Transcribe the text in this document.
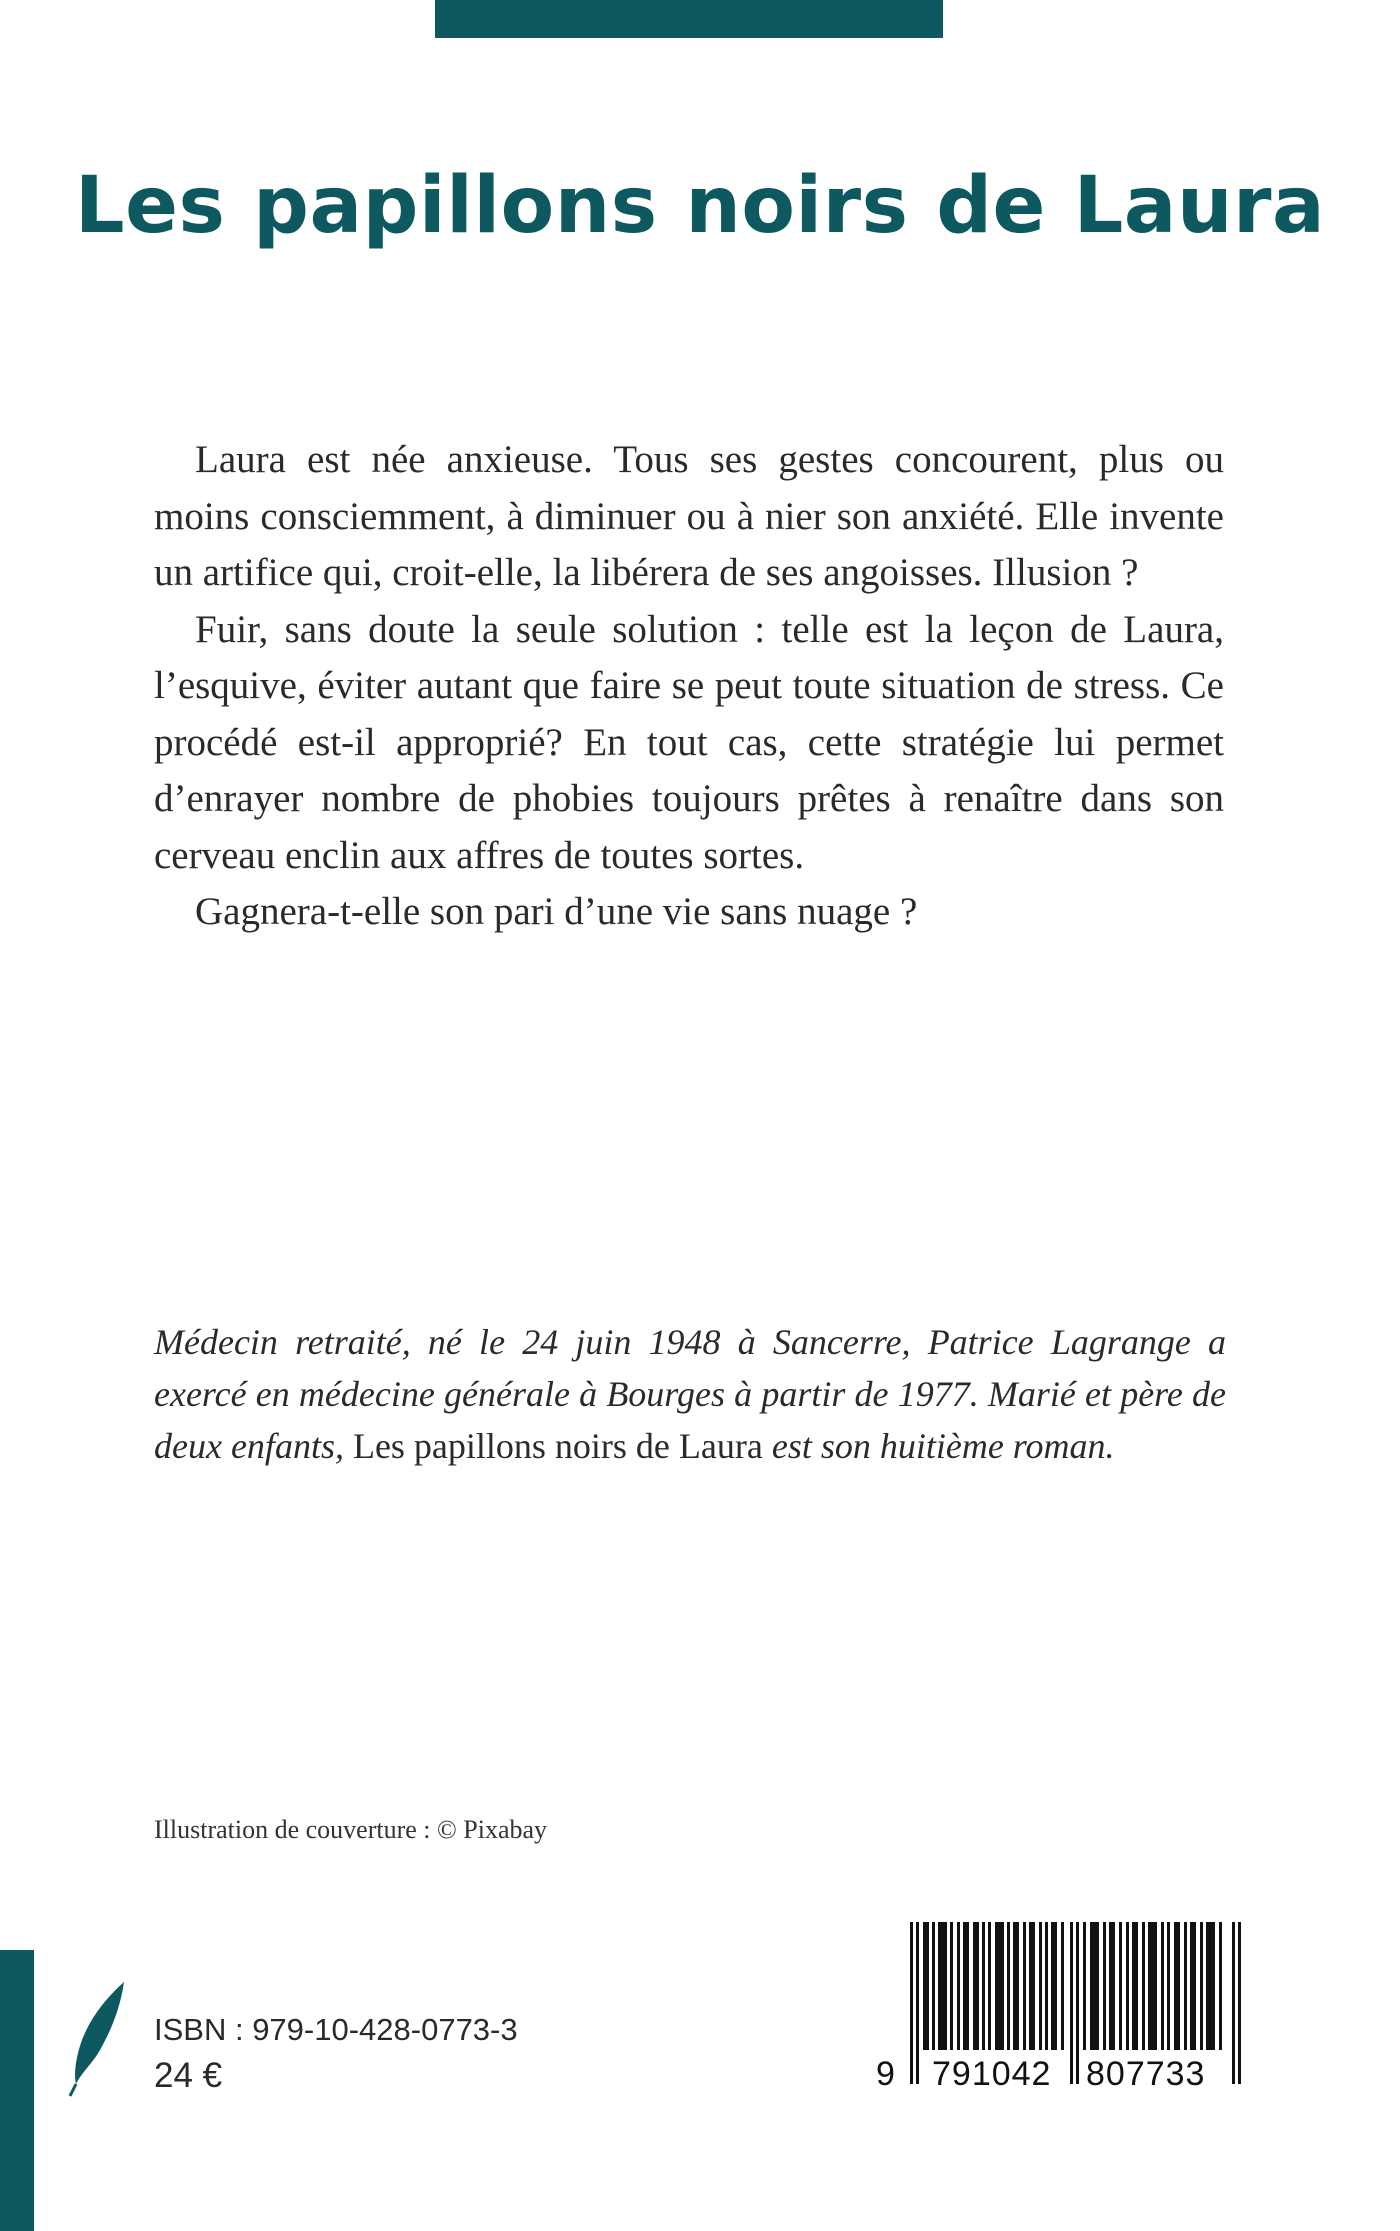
Les papillons noirs de Laura

Laura est née anxieuse. Tous ses gestes concourent, plus ou moins consciemment, à diminuer ou à nier son anxiété. Elle invente un artifice qui, croit-elle, la libérera de ses angoisses. Illusion ?

Fuir, sans doute la seule solution : telle est la leçon de Laura, l’esquive, éviter autant que faire se peut toute situation de stress. Ce procédé est-il approprié? En tout cas, cette stratégie lui permet d’enrayer nombre de phobies toujours prêtes à renaître dans son cerveau enclin aux affres de toutes sortes.

Gagnera-t-elle son pari d’une vie sans nuage ?

Médecin retraité, né le 24 juin 1948 à Sancerre, Patrice Lagrange a exercé en médecine générale à Bourges à partir de 1977. Marié et père de deux enfants, Les papillons noirs de Laura est son huitième roman.

Illustration de couverture : © Pixabay

ISBN : 979-10-428-0773-3
24 €	9 791042 807733
